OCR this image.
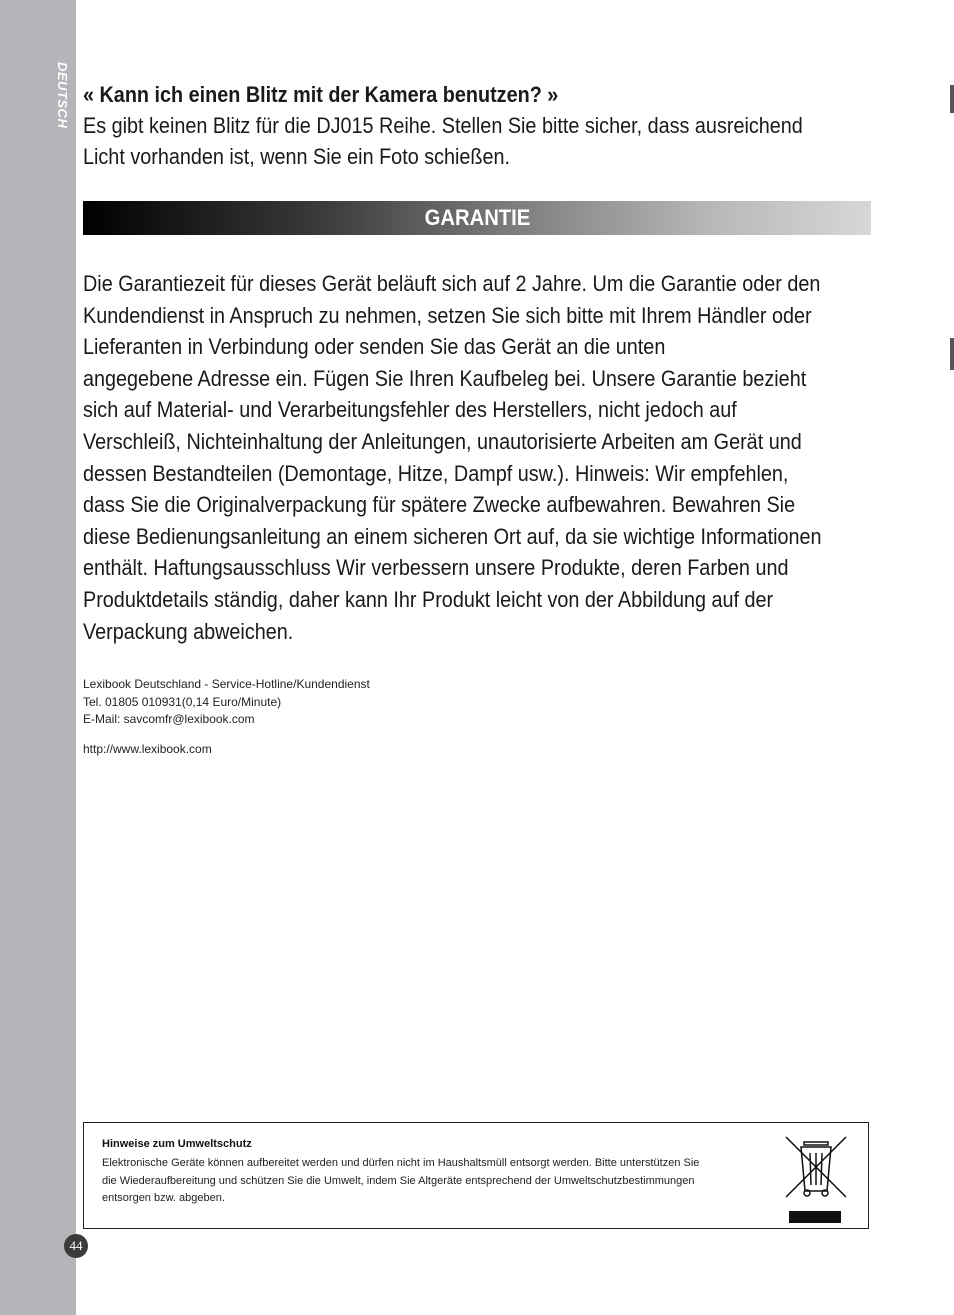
DEUTSCH
44

« Kann ich einen Blitz mit der Kamera benutzen? »

Es gibt keinen Blitz für die DJ015 Reihe. Stellen Sie bitte sicher, dass ausreichend
Licht vorhanden ist, wenn Sie ein Foto schießen.

GARANTIE
Die Garantiezeit für dieses Gerät beläuft sich auf 2 Jahre. Um die Garantie oder den
Kundendienst in Anspruch zu nehmen, setzen Sie sich bitte mit Ihrem Händler oder
Lieferanten in Verbindung oder senden Sie das Gerät an die unten
angegebene Adresse ein. Fügen Sie Ihren Kaufbeleg bei. Unsere Garantie bezieht
sich auf Material- und Verarbeitungsfehler des Herstellers, nicht jedoch auf
Verschleiß, Nichteinhaltung der Anleitungen, unautorisierte Arbeiten am Gerät und
dessen Bestandteilen (Demontage, Hitze, Dampf usw.). Hinweis: Wir empfehlen,
dass Sie die Originalverpackung für spätere Zwecke aufbewahren. Bewahren Sie
diese Bedienungsanleitung an einem sicheren Ort auf, da sie wichtige Informationen
enthält. Haftungsausschluss Wir verbessern unsere Produkte, deren Farben und
Produktdetails ständig, daher kann Ihr Produkt leicht von der Abbildung auf der
Verpackung abweichen.
Lexibook Deutschland - Service-Hotline/Kundendienst
Tel. 01805 010931(0,14 Euro/Minute)
E-Mail: savcomfr@lexibook.com
http://www.lexibook.com
Hinweise zum Umweltschutz
Elektronische Geräte können aufbereitet werden und dürfen nicht im Haushaltsmüll entsorgt werden. Bitte unterstützen Sie
die Wiederaufbereitung und schützen Sie die Umwelt, indem Sie Altgeräte entsprechend der Umweltschutzbestimmungen
entsorgen bzw. abgeben.
